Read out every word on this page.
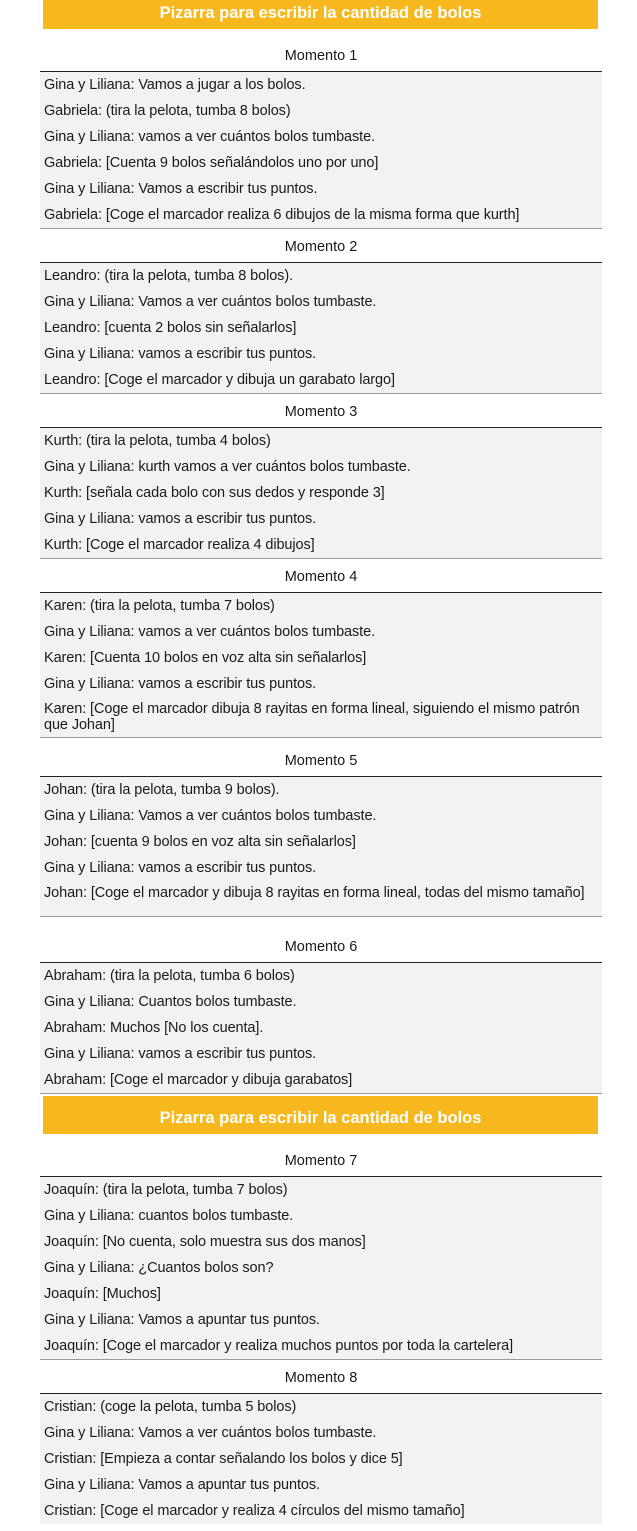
Pizarra para escribir la cantidad de bolos
Momento 1
Gina y Liliana: Vamos a jugar a los bolos.
Gabriela: (tira la pelota, tumba 8 bolos)
Gina y Liliana: vamos a ver cuántos bolos tumbaste.
Gabriela: [Cuenta 9 bolos señalándolos uno por uno]
Gina y Liliana: Vamos a escribir tus puntos.
Gabriela: [Coge el marcador realiza 6 dibujos de la misma forma que kurth]
Momento 2
Leandro: (tira la pelota, tumba 8 bolos).
Gina y Liliana: Vamos a ver cuántos bolos tumbaste.
Leandro: [cuenta 2 bolos sin señalarlos]
Gina y Liliana: vamos a escribir tus puntos.
Leandro: [Coge el marcador y dibuja un garabato largo]
Momento 3
Kurth: (tira la pelota, tumba 4 bolos)
Gina y Liliana: kurth vamos a ver cuántos bolos tumbaste.
Kurth: [señala cada bolo con sus dedos y responde 3]
Gina y Liliana: vamos a escribir tus puntos.
Kurth: [Coge el marcador realiza 4 dibujos]
Momento 4
Karen: (tira la pelota, tumba 7 bolos)
Gina y Liliana: vamos a ver cuántos bolos tumbaste.
Karen: [Cuenta 10 bolos en voz alta sin señalarlos]
Gina y Liliana: vamos a escribir tus puntos.
Karen: [Coge el marcador dibuja 8 rayitas en forma lineal, siguiendo el mismo patrón que Johan]
Momento 5
Johan: (tira la pelota, tumba 9 bolos).
Gina y Liliana: Vamos a ver cuántos bolos tumbaste.
Johan: [cuenta 9 bolos en voz alta sin señalarlos]
Gina y Liliana: vamos a escribir tus puntos.
Johan: [Coge el marcador y dibuja 8 rayitas en forma lineal, todas del mismo tamaño]
Momento 6
Abraham: (tira la pelota, tumba 6 bolos)
Gina y Liliana: Cuantos bolos tumbaste.
Abraham: Muchos [No los cuenta].
Gina y Liliana: vamos a escribir tus puntos.
Abraham: [Coge el marcador y dibuja garabatos]
Pizarra para escribir la cantidad de bolos
Momento 7
Joaquín: (tira la pelota, tumba 7 bolos)
Gina y Liliana: cuantos bolos tumbaste.
Joaquín: [No cuenta, solo muestra sus dos manos]
Gina y Liliana: ¿Cuantos bolos son?
Joaquín: [Muchos]
Gina y Liliana: Vamos a apuntar tus puntos.
Joaquín: [Coge el marcador y realiza muchos puntos por toda la cartelera]
Momento 8
Cristian: (coge la pelota, tumba 5 bolos)
Gina y Liliana: Vamos a ver cuántos bolos tumbaste.
Cristian: [Empieza a contar señalando los bolos y dice 5]
Gina y Liliana: Vamos a apuntar tus puntos.
Cristian: [Coge el marcador y realiza 4 círculos del mismo tamaño]
